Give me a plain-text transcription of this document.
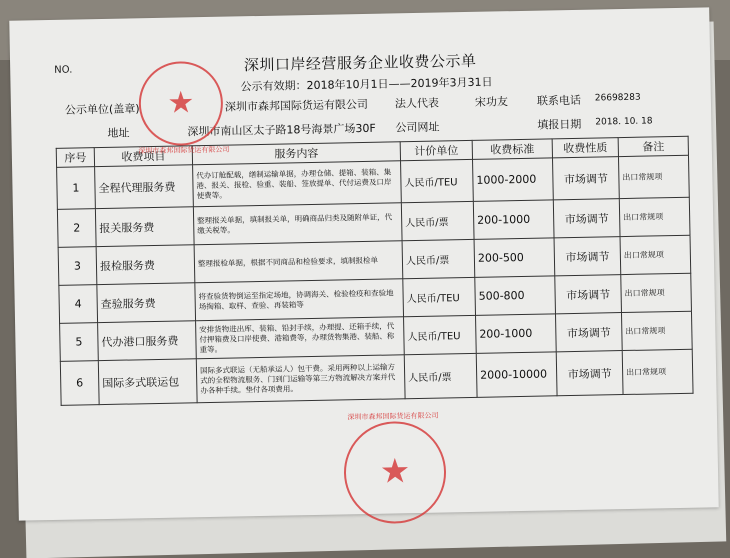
NO.	深圳口岸经营服务企业收费公示单
公示有效期：2018年10月1日——2019年3月31日
公示单位(盖章)	深圳市森邦国际货运有限公司 法人代表	宋功友	联系电话 26698283
地址	深圳市南山区太子路18号海景广场30F 公司网址	填报日期 2018. 10. 18
序号	收费项目	服务内容	计价单位	收费标准	收费性质	备注
1	全程代理服务费	代办订舱配载，缮制运输单据，办理仓储、提箱、装箱、集港、报关、报检、验重、装船、签放提单、代付运费及口岸使费等。	人民币/TEU	1000-2000	市场调节	出口常规项
2	报关服务费	整理报关单据，填制报关单，明确商品归类及随附单证，代缴关税等。	人民币/票	200-1000	市场调节	出口常规项
3	报检服务费	整理报检单据，根据不同商品和检验要求，填制报检单	人民币/票	200-500	市场调节	出口常规项
4	查验服务费	将查验货物倒运至指定场地，协调海关、检验检疫和查验地场掏箱、取样、查验、再装箱等	人民币/TEU	500-800	市场调节	出口常规项
5	代办港口服务费	安排货物进出库、装箱、铅封手续，办理提、还箱手续，代付押箱费及口岸使费、港箱费等，办理货物集港、装船、称重等。	人民币/TEU	200-1000	市场调节	出口常规项
6	国际多式联运包	国际多式联运（无船承运人）包干费。采用两种以上运输方式的全程物流服务、门到门运输等第三方物流解决方案并代办各种手续。垫付各项费用。	人民币/票	2000-10000	市场调节	出口常规项
★
深圳市森邦国际货运有限公司
★
深圳市森邦国际货运有限公司
